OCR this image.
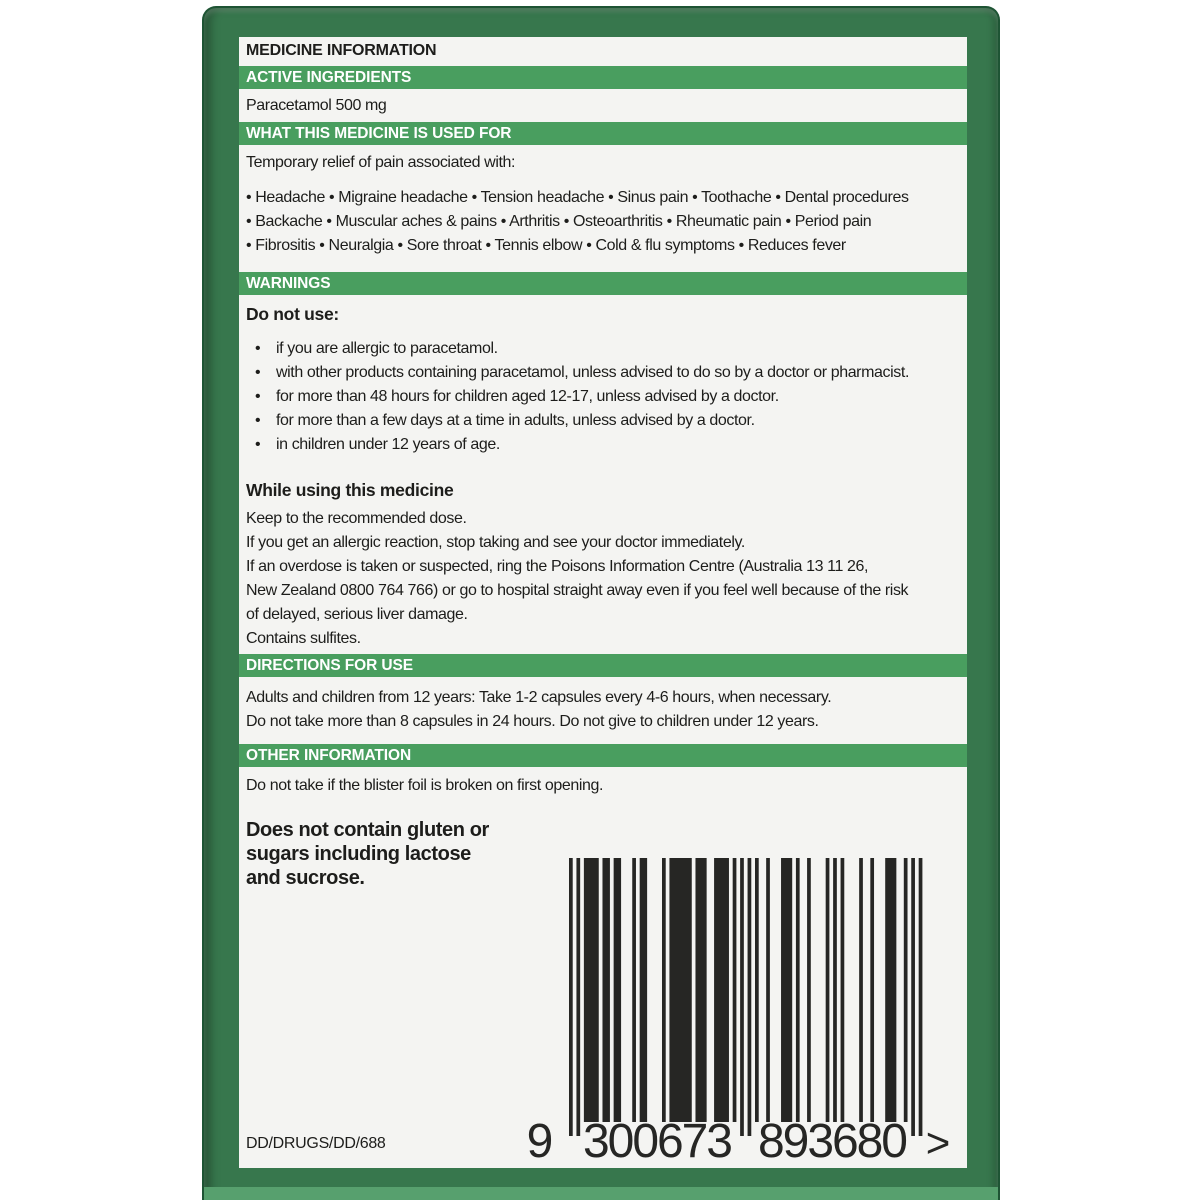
MEDICINE INFORMATION
ACTIVE INGREDIENTS
Paracetamol 500 mg
WHAT THIS MEDICINE IS USED FOR
Temporary relief of pain associated with:
• Headache • Migraine headache • Tension headache • Sinus pain • Toothache • Dental procedures
• Backache • Muscular aches & pains • Arthritis • Osteoarthritis • Rheumatic pain • Period pain
• Fibrositis • Neuralgia • Sore throat • Tennis elbow • Cold & flu symptoms • Reduces fever
WARNINGS
Do not use:
• if you are allergic to paracetamol.
• with other products containing paracetamol, unless advised to do so by a doctor or pharmacist.
• for more than 48 hours for children aged 12-17, unless advised by a doctor.
• for more than a few days at a time in adults, unless advised by a doctor.
• in children under 12 years of age.
While using this medicine
Keep to the recommended dose.
If you get an allergic reaction, stop taking and see your doctor immediately.
If an overdose is taken or suspected, ring the Poisons Information Centre (Australia 13 11 26,
New Zealand 0800 764 766) or go to hospital straight away even if you feel well because of the risk
of delayed, serious liver damage.
Contains sulfites.
DIRECTIONS FOR USE
Adults and children from 12 years: Take 1-2 capsules every 4-6 hours, when necessary.
Do not take more than 8 capsules in 24 hours. Do not give to children under 12 years.
OTHER INFORMATION
Do not take if the blister foil is broken on first opening.
Does not contain gluten or
sugars including lactose
and sucrose.
9 300673 893680 >
DD/DRUGS/DD/688
